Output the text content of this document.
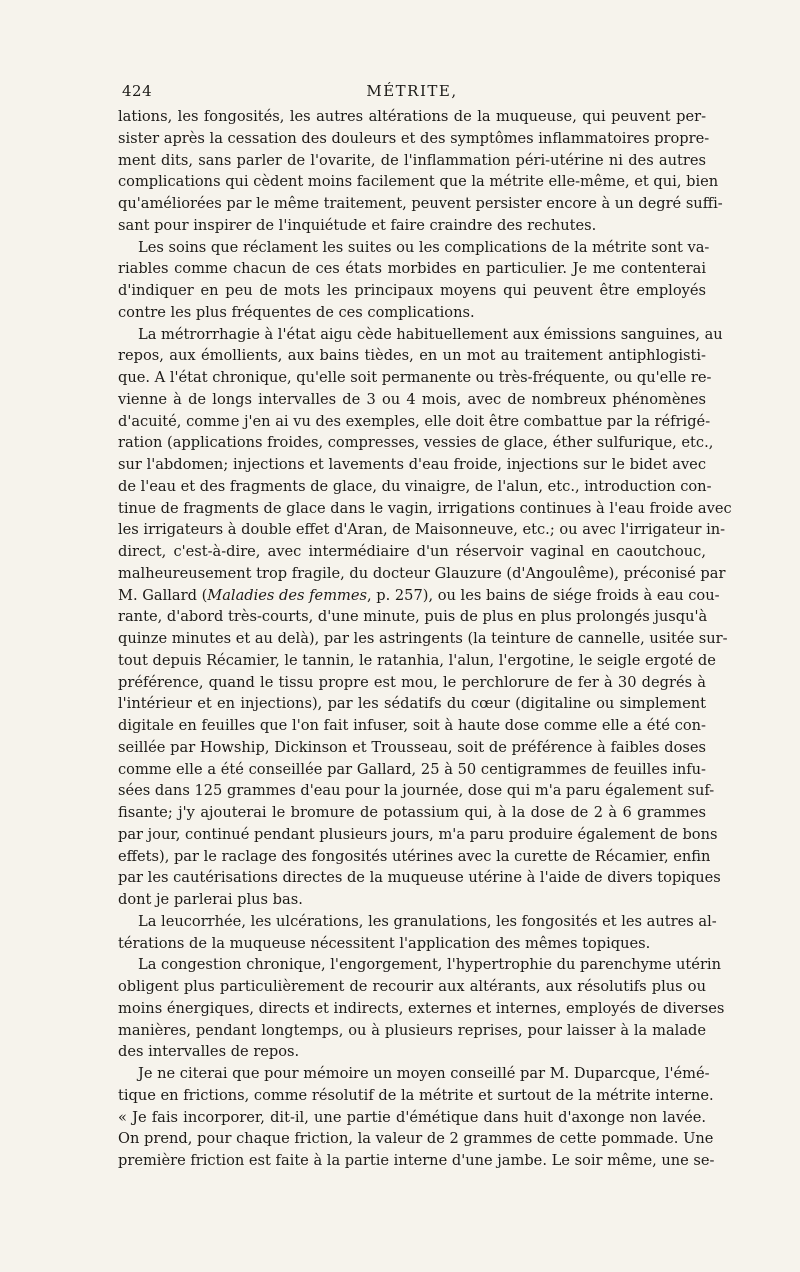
424	MÉTRITE,
lations, les fongosités, les autres altérations de la muqueuse, qui peuvent per-
sister après la cessation des douleurs et des symptômes inflammatoires propre-
ment dits, sans parler de l'ovarite, de l'inflammation péri-utérine ni des autres
complications qui cèdent moins facilement que la métrite elle-même, et qui, bien
qu'améliorées par le même traitement, peuvent persister encore à un degré suffi-
sant pour inspirer de l'inquiétude et faire craindre des rechutes.
Les soins que réclament les suites ou les complications de la métrite sont va-
riables comme chacun de ces états morbides en particulier. Je me contenterai
d'indiquer en peu de mots les principaux moyens qui peuvent être employés
contre les plus fréquentes de ces complications.
La métrorrhagie à l'état aigu cède habituellement aux émissions sanguines, au
repos, aux émollients, aux bains tièdes, en un mot au traitement antiphlogisti-
que. A l'état chronique, qu'elle soit permanente ou très-fréquente, ou qu'elle re-
vienne à de longs intervalles de 3 ou 4 mois, avec de nombreux phénomènes
d'acuité, comme j'en ai vu des exemples, elle doit être combattue par la réfrigé-
ration (applications froides, compresses, vessies de glace, éther sulfurique, etc.,
sur l'abdomen; injections et lavements d'eau froide, injections sur le bidet avec
de l'eau et des fragments de glace, du vinaigre, de l'alun, etc., introduction con-
tinue de fragments de glace dans le vagin, irrigations continues à l'eau froide avec
les irrigateurs à double effet d'Aran, de Maisonneuve, etc.; ou avec l'irrigateur in-
direct, c'est-à-dire, avec intermédiaire d'un réservoir vaginal en caoutchouc,
malheureusement trop fragile, du docteur Glauzure (d'Angoulême), préconisé par
M. Gallard (Maladies des femmes, p. 257), ou les bains de siége froids à eau cou-
rante, d'abord très-courts, d'une minute, puis de plus en plus prolongés jusqu'à
quinze minutes et au delà), par les astringents (la teinture de cannelle, usitée sur-
tout depuis Récamier, le tannin, le ratanhia, l'alun, l'ergotine, le seigle ergoté de
préférence, quand le tissu propre est mou, le perchlorure de fer à 30 degrés à
l'intérieur et en injections), par les sédatifs du cœur (digitaline ou simplement
digitale en feuilles que l'on fait infuser, soit à haute dose comme elle a été con-
seillée par Howship, Dickinson et Trousseau, soit de préférence à faibles doses
comme elle a été conseillée par Gallard, 25 à 50 centigrammes de feuilles infu-
sées dans 125 grammes d'eau pour la journée, dose qui m'a paru également suf-
fisante; j'y ajouterai le bromure de potassium qui, à la dose de 2 à 6 grammes
par jour, continué pendant plusieurs jours, m'a paru produire également de bons
effets), par le raclage des fongosités utérines avec la curette de Récamier, enfin
par les cautérisations directes de la muqueuse utérine à l'aide de divers topiques
dont je parlerai plus bas.
La leucorrhée, les ulcérations, les granulations, les fongosités et les autres al-
térations de la muqueuse nécessitent l'application des mêmes topiques.
La congestion chronique, l'engorgement, l'hypertrophie du parenchyme utérin
obligent plus particulièrement de recourir aux altérants, aux résolutifs plus ou
moins énergiques, directs et indirects, externes et internes, employés de diverses
manières, pendant longtemps, ou à plusieurs reprises, pour laisser à la malade
des intervalles de repos.
Je ne citerai que pour mémoire un moyen conseillé par M. Duparcque, l'émé-
tique en frictions, comme résolutif de la métrite et surtout de la métrite interne.
« Je fais incorporer, dit-il, une partie d'émétique dans huit d'axonge non lavée.
On prend, pour chaque friction, la valeur de 2 grammes de cette pommade. Une
première friction est faite à la partie interne d'une jambe. Le soir même, une se-
